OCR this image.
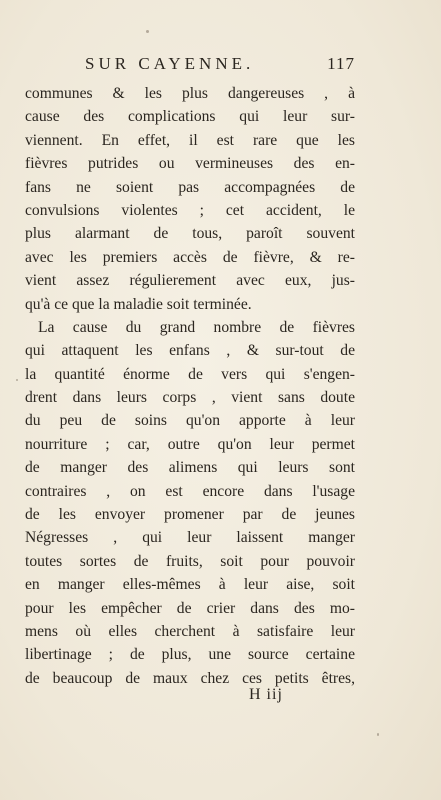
SUR CAYENNE.	117
communes & les plus dangereuses , à
cause des complications qui leur sur-
viennent. En effet, il est rare que les
fièvres putrides ou vermineuses des en-
fans ne soient pas accompagnées de
convulsions violentes ; cet accident, le
plus alarmant de tous, paroît souvent
avec les premiers accès de fièvre, & re-
vient assez régulierement avec eux, jus-
qu'à ce que la maladie soit terminée.
La cause du grand nombre de fièvres
qui attaquent les enfans , & sur-tout de
la quantité énorme de vers qui s'engen-
drent dans leurs corps , vient sans doute
du peu de soins qu'on apporte à leur
nourriture ; car, outre qu'on leur permet
de manger des alimens qui leurs sont
contraires , on est encore dans l'usage
de les envoyer promener par de jeunes
Négresses , qui leur laissent manger
toutes sortes de fruits, soit pour pouvoir
en manger elles-mêmes à leur aise, soit
pour les empêcher de crier dans des mo-
mens où elles cherchent à satisfaire leur
libertinage ; de plus, une source certaine
de beaucoup de maux chez ces petits êtres,
H iij
